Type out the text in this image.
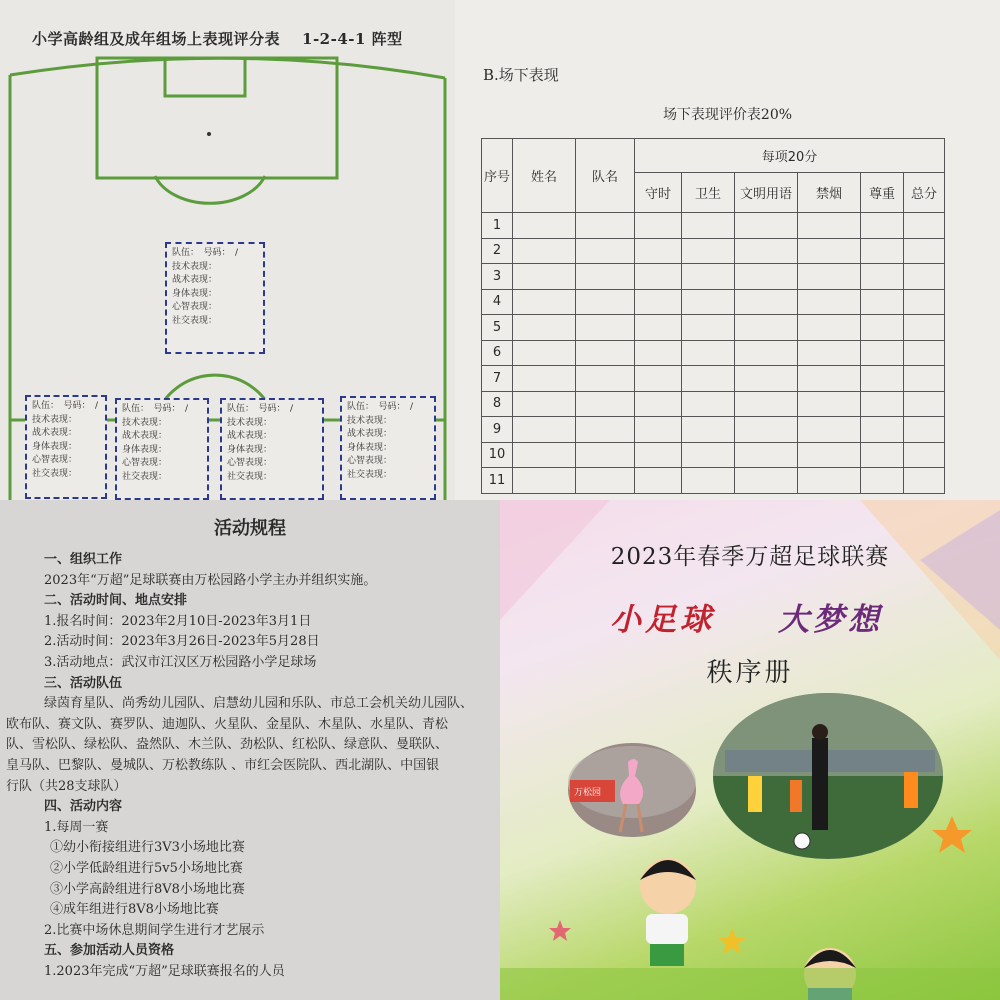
小学高龄组及成年组场上表现评分表 1-2-4-1 阵型
队伍：　号码：　/
技术表现：
战术表现：
身体表现：
心智表现：
社交表现：
队伍：　号码：　/
技术表现：
战术表现：
身体表现：
心智表现：
社交表现：
队伍：　号码：　/
技术表现：
战术表现：
身体表现：
心智表现：
社交表现：
队伍：　号码：　/
技术表现：
战术表现：
身体表现：
心智表现：
社交表现：
队伍：　号码：　/
技术表现：
战术表现：
身体表现：
心智表现：
社交表现：
B.场下表现
场下表现评价表20%
序号	姓名	队名	每项20分					
			守时	卫生	文明用语	禁烟	尊重	总分
1								
2								
3								
4								
5								
6								
7								
8								
9								
10								
11								
活动规程
一、组织工作
2023年“万超”足球联赛由万松园路小学主办并组织实施。
二、活动时间、地点安排
1.报名时间：2023年2月10日-2023年3月1日
2.活动时间：2023年3月26日-2023年5月28日
3.活动地点：武汉市江汉区万松园路小学足球场
三、活动队伍
绿茵育星队、尚秀幼儿园队、启慧幼儿园和乐队、市总工会机关幼儿园队、
欧布队、赛文队、赛罗队、迪迦队、火星队、金星队、木星队、水星队、青松
队、雪松队、绿松队、盎然队、木兰队、劲松队、红松队、绿意队、曼联队、
皇马队、巴黎队、曼城队、万松教练队 、市红会医院队、西北湖队、中国银
行队（共28支球队）
四、活动内容
1.每周一赛
①幼小衔接组进行3V3小场地比赛
②小学低龄组进行5v5小场地比赛
③小学高龄组进行8V8小场地比赛
④成年组进行8V8小场地比赛
2.比赛中场休息期间学生进行才艺展示
五、参加活动人员资格
1.2023年完成“万超”足球联赛报名的人员
万松园
2023年春季万超足球联赛
小足球 大梦想
秩序册
